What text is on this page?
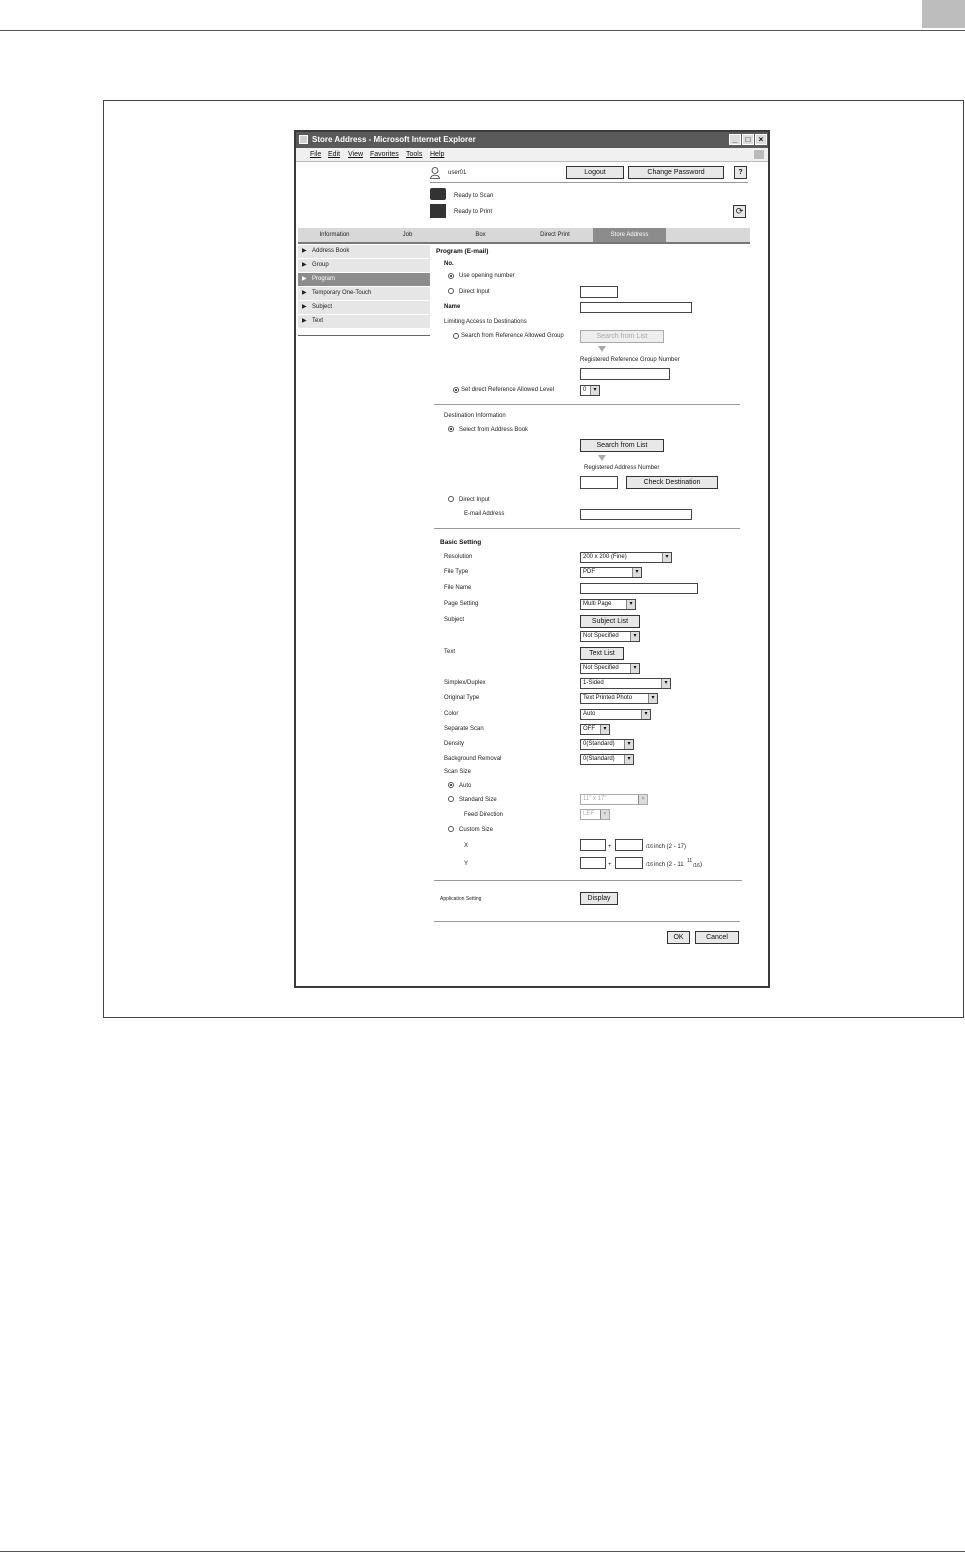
Store Address - Microsoft Internet Explorer	_	□	×
File Edit View Favorites Tools Help
user01	Logout	Change Password	?
Ready to Scan
Ready to Print	⟳
Information	Job	Box	Direct Print	Store Address
▶ Address Book
▶ Group
▶ Program
▶ Temporary One-Touch
▶ Subject
▶ Text
Program (E-mail)
No.
Use opening number
Direct Input
Name
Limiting Access to Destinations
Search from Reference Allowed Group	Search from List
Registered Reference Group Number
Set direct Reference Allowed Level	0	▾
Destination Information
Select from Address Book
Search from List
Registered Address Number
Check Destination
Direct Input
E-mail Address
Basic Setting
Resolution	200 x 200 (Fine)	▾
File Type	PDF	▾
File Name
Page Setting	Multi Page	▾
Subject	Subject List
Not Specified	▾
Text	Text List
Not Specified	▾
Simplex/Duplex	1-Sided	▾
Original Type	Text Printed Photo	▾
Color	Auto	▾
Separate Scan	OFF	▾
Density	0(Standard)	▾
Background Removal	0(Standard)	▾
Scan Size
Auto
Standard Size	11" x 17"	▾
Feed Direction	LEF	▾
Custom Size
X	+	/16 inch (2 - 17)
Y	+	/16 inch (2 - 11
11
/16 )
Application Setting	Display
OK	Cancel
